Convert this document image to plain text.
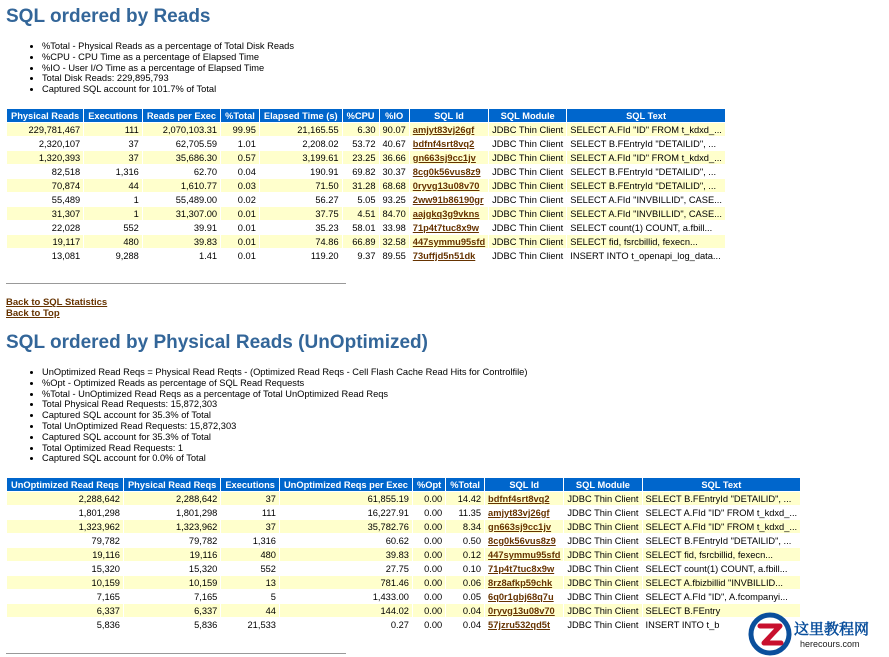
SQL ordered by Reads
• %Total - Physical Reads as a percentage of Total Disk Reads
• %CPU - CPU Time as a percentage of Elapsed Time
• %IO - User I/O Time as a percentage of Elapsed Time
• Total Disk Reads: 229,895,793
• Captured SQL account for 101.7% of Total
Physical Reads	Executions	Reads per Exec	%Total	Elapsed Time (s)	%CPU	%IO	SQL Id	SQL Module	SQL Text
229,781,467	111	2,070,103.31	99.95	21,165.55	6.30	90.07	amjyt83vj26gf	JDBC Thin Client	SELECT A.FId "ID" FROM t_kdxd_...
2,320,107	37	62,705.59	1.01	2,208.02	53.72	40.67	bdfnf4srt8vq2	JDBC Thin Client	SELECT B.FEntryId "DETAILID", ...
1,320,393	37	35,686.30	0.57	3,199.61	23.25	36.66	gn663sj9cc1jv	JDBC Thin Client	SELECT A.FId "ID" FROM t_kdxd_...
82,518	1,316	62.70	0.04	190.91	69.82	30.37	8cg0k56vus8z9	JDBC Thin Client	SELECT B.FEntryId "DETAILID", ...
70,874	44	1,610.77	0.03	71.50	31.28	68.68	0ryvg13u08v70	JDBC Thin Client	SELECT B.FEntryId "DETAILID", ...
55,489	1	55,489.00	0.02	56.27	5.05	93.25	2ww91b86190gr	JDBC Thin Client	SELECT A.FId "INVBILLID", CASE...
31,307	1	31,307.00	0.01	37.75	4.51	84.70	aajgkq3g9vkns	JDBC Thin Client	SELECT A.FId "INVBILLID", CASE...
22,028	552	39.91	0.01	35.23	58.01	33.98	71p4t7tuc8x9w	JDBC Thin Client	SELECT count(1) COUNT, a.fbill...
19,117	480	39.83	0.01	74.86	66.89	32.58	447symmu95sfd	JDBC Thin Client	SELECT fid, fsrcbillid, fexecn...
13,081	9,288	1.41	0.01	119.20	9.37	89.55	73uffjd5n51dk	JDBC Thin Client	INSERT INTO t_openapi_log_data...
Back to SQL Statistics
Back to Top
SQL ordered by Physical Reads (UnOptimized)
• UnOptimized Read Reqs = Physical Read Reqts - (Optimized Read Reqs - Cell Flash Cache Read Hits for Controlfile)
• %Opt - Optimized Reads as percentage of SQL Read Requests
• %Total - UnOptimized Read Reqs as a percentage of Total UnOptimized Read Reqs
• Total Physical Read Requests: 15,872,303
• Captured SQL account for 35.3% of Total
• Total UnOptimized Read Requests: 15,872,303
• Captured SQL account for 35.3% of Total
• Total Optimized Read Requests: 1
• Captured SQL account for 0.0% of Total
UnOptimized Read Reqs	Physical Read Reqs	Executions	UnOptimized Reqs per Exec	%Opt	%Total	SQL Id	SQL Module	SQL Text
2,288,642	2,288,642	37	61,855.19	0.00	14.42	bdfnf4srt8vq2	JDBC Thin Client	SELECT B.FEntryId "DETAILID", ...
1,801,298	1,801,298	111	16,227.91	0.00	11.35	amjyt83vj26gf	JDBC Thin Client	SELECT A.FId "ID" FROM t_kdxd_...
1,323,962	1,323,962	37	35,782.76	0.00	8.34	gn663sj9cc1jv	JDBC Thin Client	SELECT A.FId "ID" FROM t_kdxd_...
79,782	79,782	1,316	60.62	0.00	0.50	8cg0k56vus8z9	JDBC Thin Client	SELECT B.FEntryId "DETAILID", ...
19,116	19,116	480	39.83	0.00	0.12	447symmu95sfd	JDBC Thin Client	SELECT fid, fsrcbillid, fexecn...
15,320	15,320	552	27.75	0.00	0.10	71p4t7tuc8x9w	JDBC Thin Client	SELECT count(1) COUNT, a.fbill...
10,159	10,159	13	781.46	0.00	0.06	8rz8afkp59chk	JDBC Thin Client	SELECT A.fbizbillid "INVBILLID...
7,165	7,165	5	1,433.00	0.00	0.05	6q0r1gbj68q7u	JDBC Thin Client	SELECT A.FId "ID", A.fcompanyi...
6,337	6,337	44	144.02	0.00	0.04	0ryvg13u08v70	JDBC Thin Client	SELECT B.FEntry
5,836	5,836	21,533	0.27	0.00	0.04	57jzru532qd5t	JDBC Thin Client	INSERT INTO t_b	这里教程网
herecours.com
